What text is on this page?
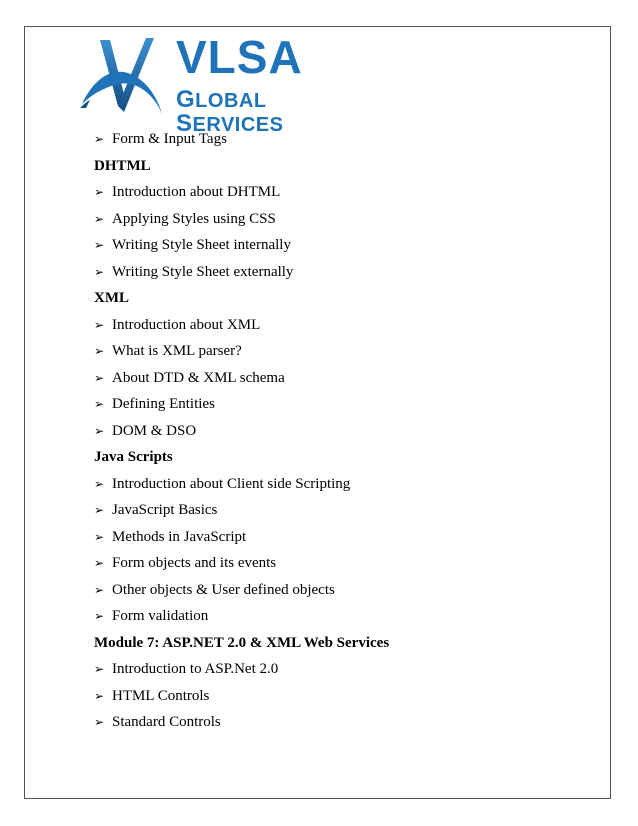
VLSA
GLOBAL SERVICES
➢ Form & Input Tags
DHTML
➢ Introduction about DHTML
➢ Applying Styles using CSS
➢ Writing Style Sheet internally
➢ Writing Style Sheet externally
XML
➢ Introduction about XML
➢ What is XML parser?
➢ About DTD & XML schema
➢ Defining Entities
➢ DOM & DSO
Java Scripts
➢ Introduction about Client side Scripting
➢ JavaScript Basics
➢ Methods in JavaScript
➢ Form objects and its events
➢ Other objects & User defined objects
➢ Form validation
Module 7: ASP.NET 2.0 & XML Web Services
➢ Introduction to ASP.Net 2.0
➢ HTML Controls
➢ Standard Controls
